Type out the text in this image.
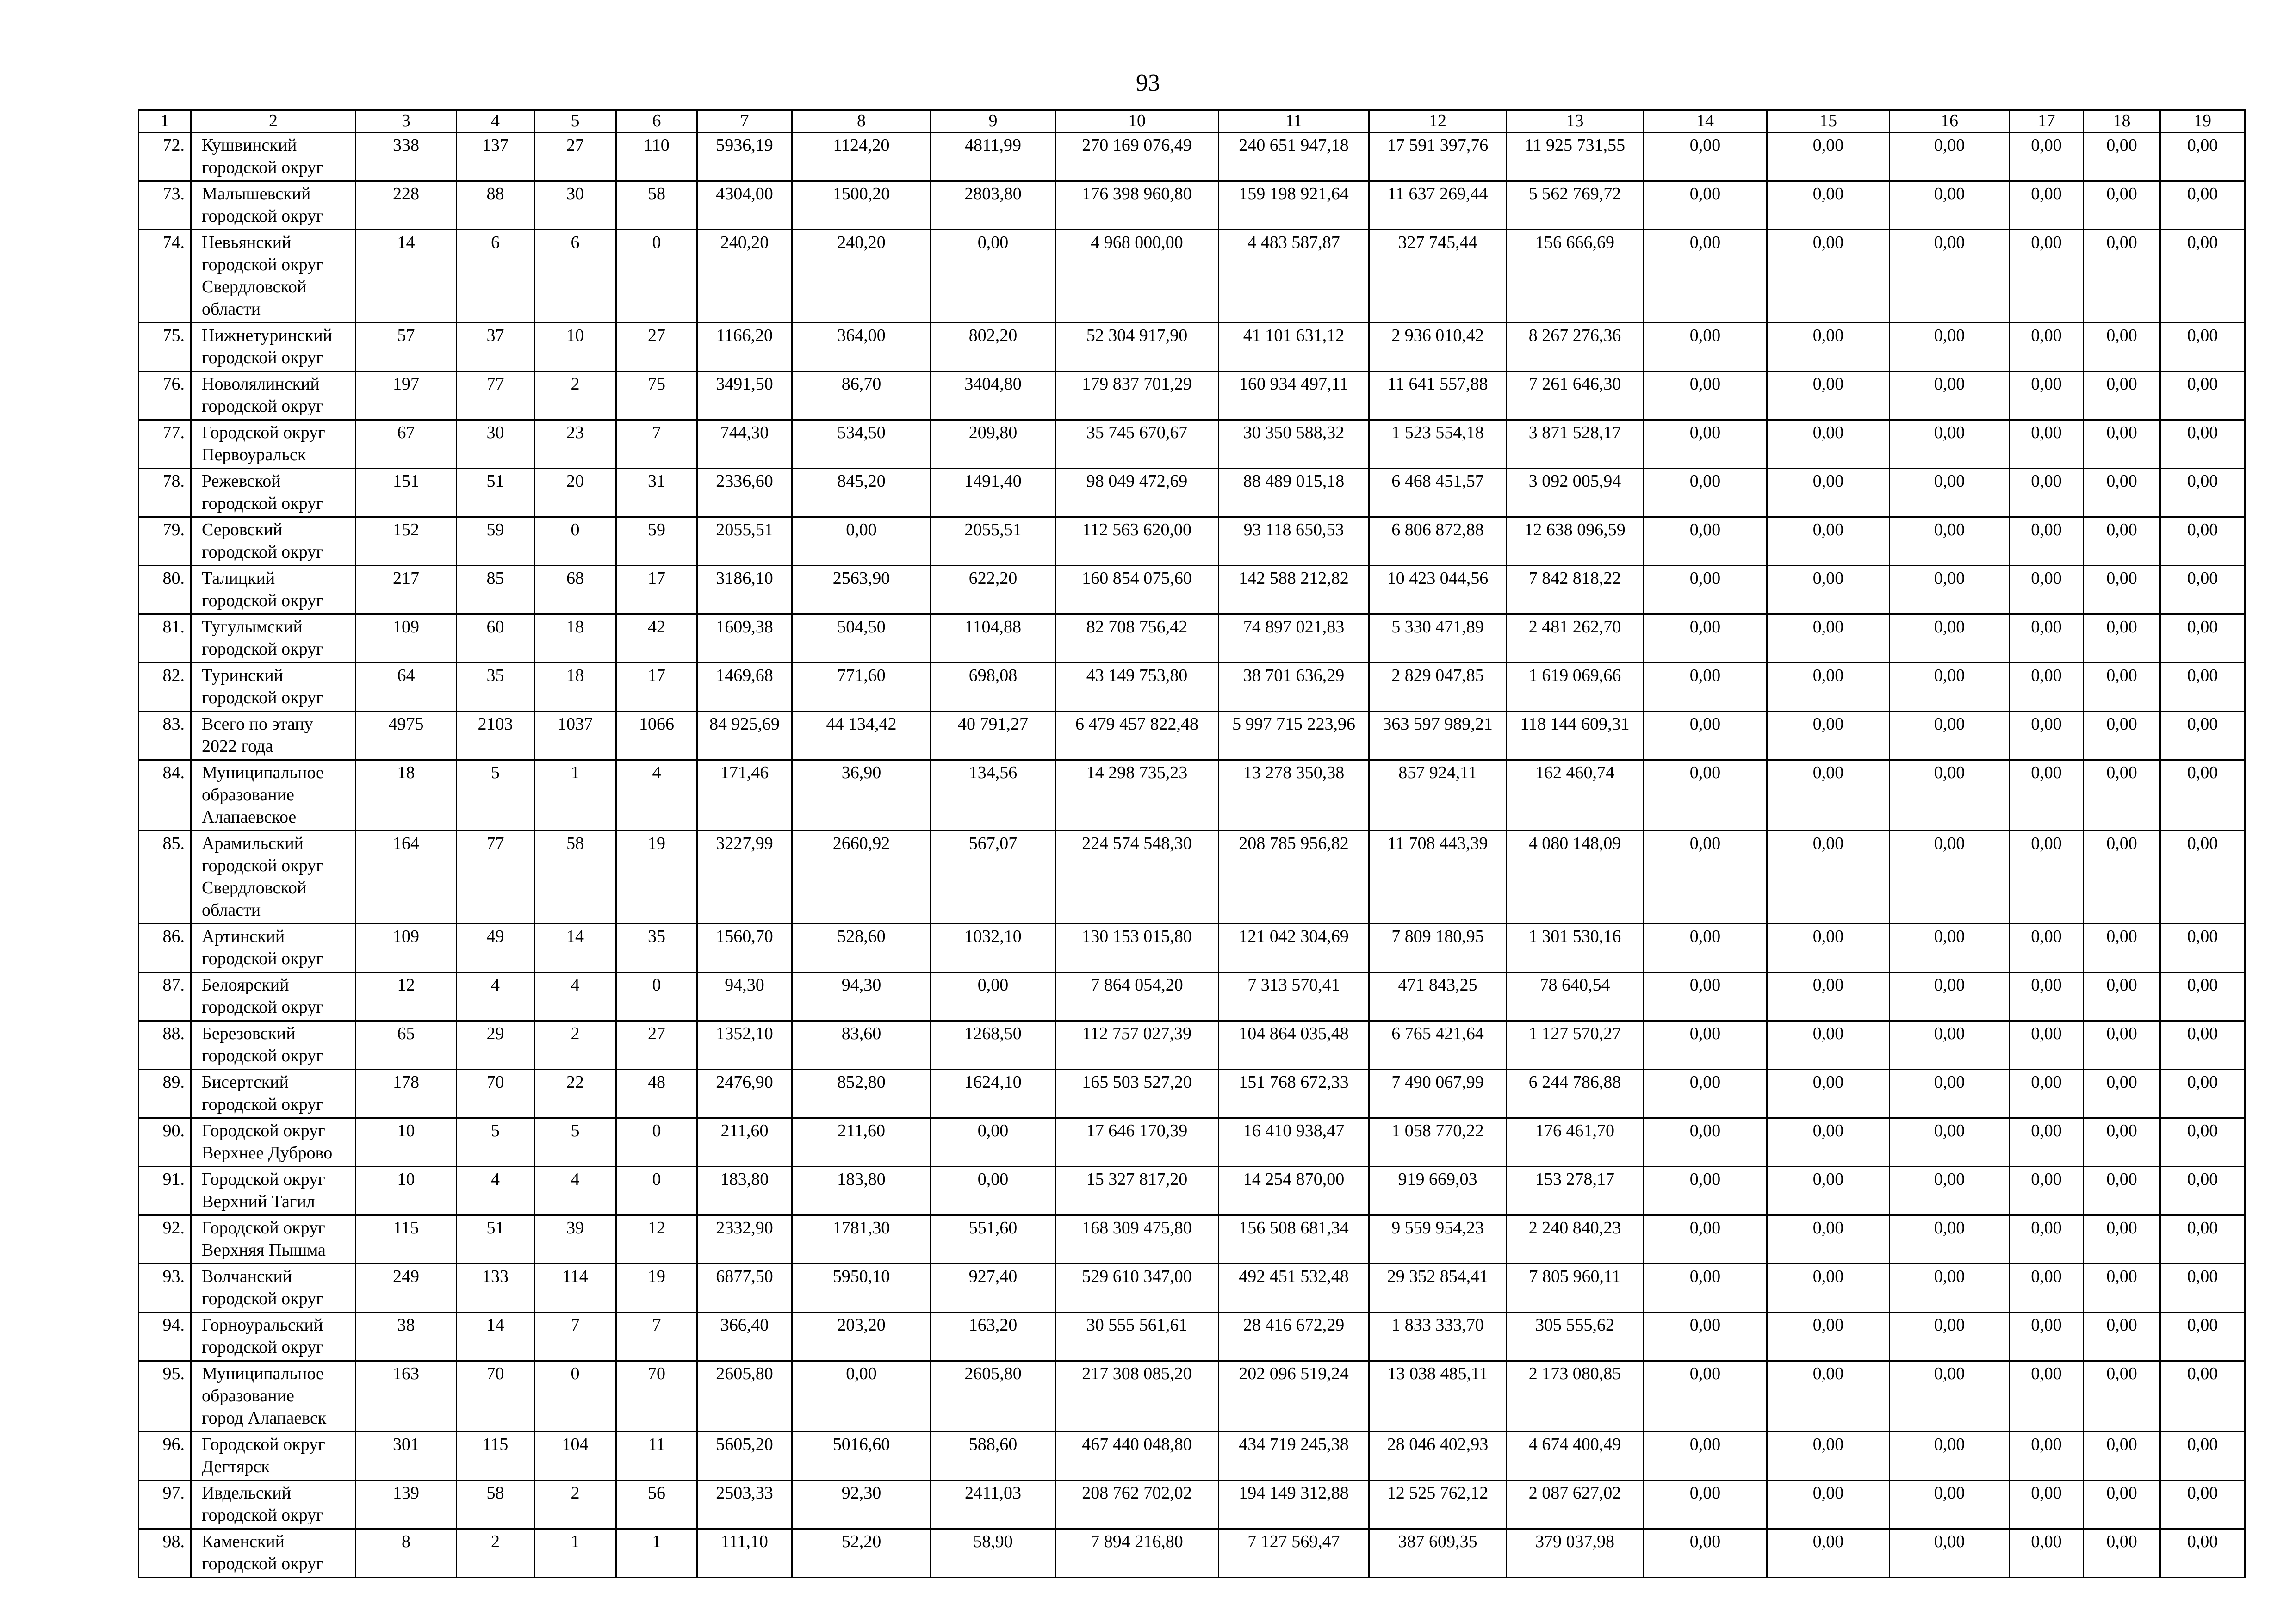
93
1	2	3	4	5	6	7	8	9	10	11	12	13	14	15	16	17	18	19
72.	Кушвинский
городской округ	338	137	27	110	5936,19	1124,20	4811,99	270 169 076,49	240 651 947,18	17 591 397,76	11 925 731,55	0,00	0,00	0,00	0,00	0,00	0,00
73.	Малышевский
городской округ	228	88	30	58	4304,00	1500,20	2803,80	176 398 960,80	159 198 921,64	11 637 269,44	5 562 769,72	0,00	0,00	0,00	0,00	0,00	0,00
74.	Невьянский
городской округ
Свердловской
области	14	6	6	0	240,20	240,20	0,00	4 968 000,00	4 483 587,87	327 745,44	156 666,69	0,00	0,00	0,00	0,00	0,00	0,00
75.	Нижнетуринский
городской округ	57	37	10	27	1166,20	364,00	802,20	52 304 917,90	41 101 631,12	2 936 010,42	8 267 276,36	0,00	0,00	0,00	0,00	0,00	0,00
76.	Новолялинский
городской округ	197	77	2	75	3491,50	86,70	3404,80	179 837 701,29	160 934 497,11	11 641 557,88	7 261 646,30	0,00	0,00	0,00	0,00	0,00	0,00
77.	Городской округ
Первоуральск	67	30	23	7	744,30	534,50	209,80	35 745 670,67	30 350 588,32	1 523 554,18	3 871 528,17	0,00	0,00	0,00	0,00	0,00	0,00
78.	Режевской
городской округ	151	51	20	31	2336,60	845,20	1491,40	98 049 472,69	88 489 015,18	6 468 451,57	3 092 005,94	0,00	0,00	0,00	0,00	0,00	0,00
79.	Серовский
городской округ	152	59	0	59	2055,51	0,00	2055,51	112 563 620,00	93 118 650,53	6 806 872,88	12 638 096,59	0,00	0,00	0,00	0,00	0,00	0,00
80.	Талицкий
городской округ	217	85	68	17	3186,10	2563,90	622,20	160 854 075,60	142 588 212,82	10 423 044,56	7 842 818,22	0,00	0,00	0,00	0,00	0,00	0,00
81.	Тугулымский
городской округ	109	60	18	42	1609,38	504,50	1104,88	82 708 756,42	74 897 021,83	5 330 471,89	2 481 262,70	0,00	0,00	0,00	0,00	0,00	0,00
82.	Туринский
городской округ	64	35	18	17	1469,68	771,60	698,08	43 149 753,80	38 701 636,29	2 829 047,85	1 619 069,66	0,00	0,00	0,00	0,00	0,00	0,00
83.	Всего по этапу
2022 года	4975	2103	1037	1066	84 925,69	44 134,42	40 791,27	6 479 457 822,48	5 997 715 223,96	363 597 989,21	118 144 609,31	0,00	0,00	0,00	0,00	0,00	0,00
84.	Муниципальное
образование
Алапаевское	18	5	1	4	171,46	36,90	134,56	14 298 735,23	13 278 350,38	857 924,11	162 460,74	0,00	0,00	0,00	0,00	0,00	0,00
85.	Арамильский
городской округ
Свердловской
области	164	77	58	19	3227,99	2660,92	567,07	224 574 548,30	208 785 956,82	11 708 443,39	4 080 148,09	0,00	0,00	0,00	0,00	0,00	0,00
86.	Артинский
городской округ	109	49	14	35	1560,70	528,60	1032,10	130 153 015,80	121 042 304,69	7 809 180,95	1 301 530,16	0,00	0,00	0,00	0,00	0,00	0,00
87.	Белоярский
городской округ	12	4	4	0	94,30	94,30	0,00	7 864 054,20	7 313 570,41	471 843,25	78 640,54	0,00	0,00	0,00	0,00	0,00	0,00
88.	Березовский
городской округ	65	29	2	27	1352,10	83,60	1268,50	112 757 027,39	104 864 035,48	6 765 421,64	1 127 570,27	0,00	0,00	0,00	0,00	0,00	0,00
89.	Бисертский
городской округ	178	70	22	48	2476,90	852,80	1624,10	165 503 527,20	151 768 672,33	7 490 067,99	6 244 786,88	0,00	0,00	0,00	0,00	0,00	0,00
90.	Городской округ
Верхнее Дуброво	10	5	5	0	211,60	211,60	0,00	17 646 170,39	16 410 938,47	1 058 770,22	176 461,70	0,00	0,00	0,00	0,00	0,00	0,00
91.	Городской округ
Верхний Тагил	10	4	4	0	183,80	183,80	0,00	15 327 817,20	14 254 870,00	919 669,03	153 278,17	0,00	0,00	0,00	0,00	0,00	0,00
92.	Городской округ
Верхняя Пышма	115	51	39	12	2332,90	1781,30	551,60	168 309 475,80	156 508 681,34	9 559 954,23	2 240 840,23	0,00	0,00	0,00	0,00	0,00	0,00
93.	Волчанский
городской округ	249	133	114	19	6877,50	5950,10	927,40	529 610 347,00	492 451 532,48	29 352 854,41	7 805 960,11	0,00	0,00	0,00	0,00	0,00	0,00
94.	Горноуральский
городской округ	38	14	7	7	366,40	203,20	163,20	30 555 561,61	28 416 672,29	1 833 333,70	305 555,62	0,00	0,00	0,00	0,00	0,00	0,00
95.	Муниципальное
образование
город Алапаевск	163	70	0	70	2605,80	0,00	2605,80	217 308 085,20	202 096 519,24	13 038 485,11	2 173 080,85	0,00	0,00	0,00	0,00	0,00	0,00
96.	Городской округ
Дегтярск	301	115	104	11	5605,20	5016,60	588,60	467 440 048,80	434 719 245,38	28 046 402,93	4 674 400,49	0,00	0,00	0,00	0,00	0,00	0,00
97.	Ивдельский
городской округ	139	58	2	56	2503,33	92,30	2411,03	208 762 702,02	194 149 312,88	12 525 762,12	2 087 627,02	0,00	0,00	0,00	0,00	0,00	0,00
98.	Каменский
городской округ	8	2	1	1	111,10	52,20	58,90	7 894 216,80	7 127 569,47	387 609,35	379 037,98	0,00	0,00	0,00	0,00	0,00	0,00
